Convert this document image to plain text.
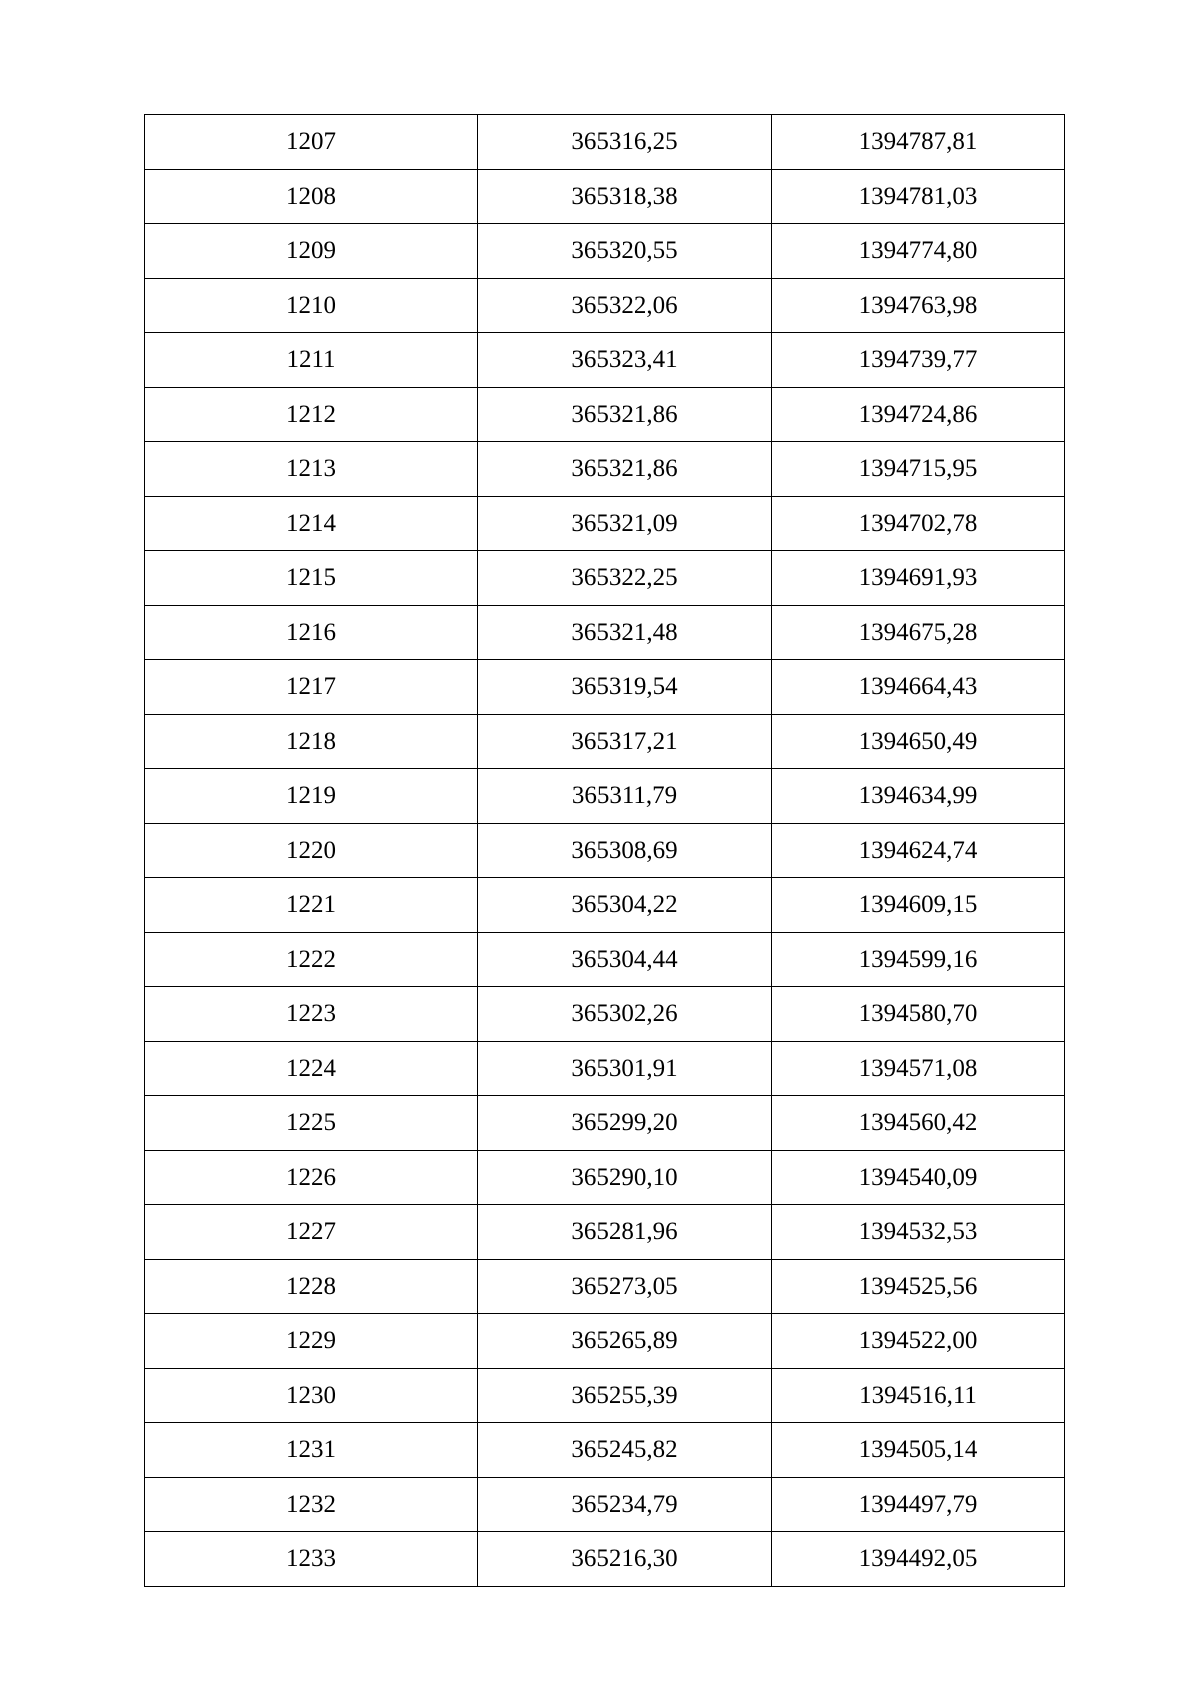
1207	365316,25	1394787,81
1208	365318,38	1394781,03
1209	365320,55	1394774,80
1210	365322,06	1394763,98
1211	365323,41	1394739,77
1212	365321,86	1394724,86
1213	365321,86	1394715,95
1214	365321,09	1394702,78
1215	365322,25	1394691,93
1216	365321,48	1394675,28
1217	365319,54	1394664,43
1218	365317,21	1394650,49
1219	365311,79	1394634,99
1220	365308,69	1394624,74
1221	365304,22	1394609,15
1222	365304,44	1394599,16
1223	365302,26	1394580,70
1224	365301,91	1394571,08
1225	365299,20	1394560,42
1226	365290,10	1394540,09
1227	365281,96	1394532,53
1228	365273,05	1394525,56
1229	365265,89	1394522,00
1230	365255,39	1394516,11
1231	365245,82	1394505,14
1232	365234,79	1394497,79
1233	365216,30	1394492,05
